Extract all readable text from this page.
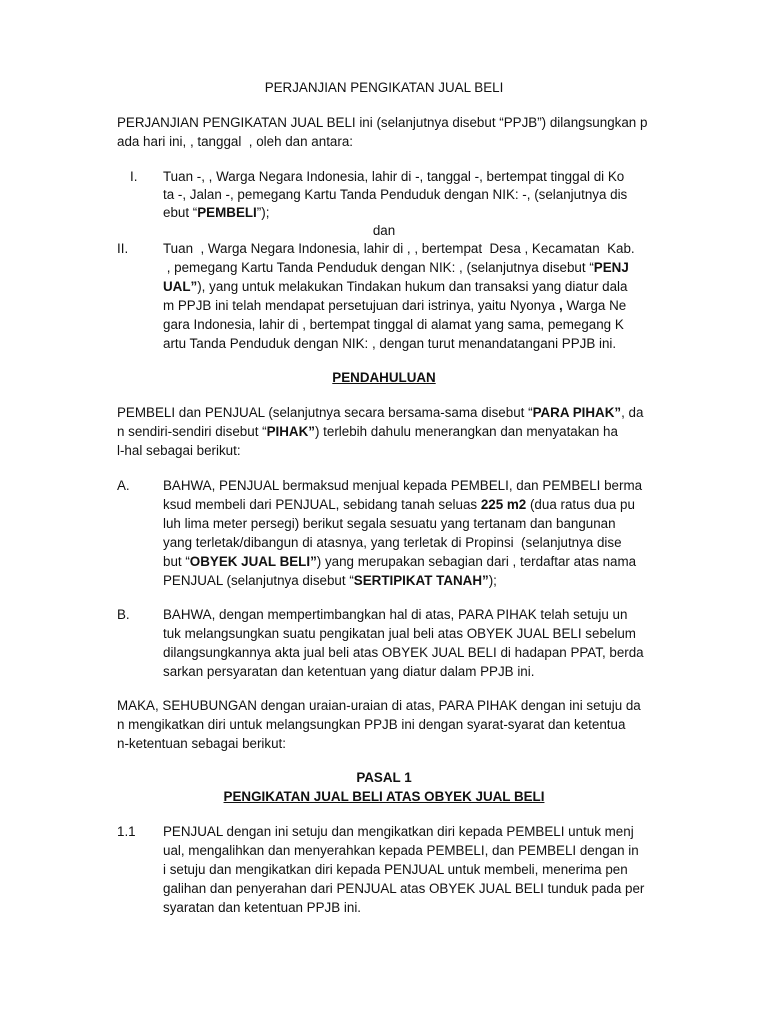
PERJANJIAN PENGIKATAN JUAL BELI
PERJANJIAN PENGIKATAN JUAL BELI ini (selanjutnya disebut “PPJB”) dilangsungkan p
ada hari ini, , tanggal  , oleh dan antara:
I. Tuan -, , Warga Negara Indonesia, lahir di -, tanggal -, bertempat tinggal di Ko
ta -, Jalan -, pemegang Kartu Tanda Penduduk dengan NIK: -, (selanjutnya dis
ebut “PEMBELI”);
dan
II.	Tuan  , Warga Negara Indonesia, lahir di , , bertempat  Desa , Kecamatan  Kab.
, pemegang Kartu Tanda Penduduk dengan NIK: , (selanjutnya disebut “PENJ
UAL”), yang untuk melakukan Tindakan hukum dan transaksi yang diatur dala
m PPJB ini telah mendapat persetujuan dari istrinya, yaitu Nyonya , Warga Ne
gara Indonesia, lahir di , bertempat tinggal di alamat yang sama, pemegang K
artu Tanda Penduduk dengan NIK: , dengan turut menandatangani PPJB ini.
PENDAHULUAN
PEMBELI dan PENJUAL (selanjutnya secara bersama-sama disebut “PARA PIHAK”, da
n sendiri-sendiri disebut “PIHAK”) terlebih dahulu menerangkan dan menyatakan ha
l-hal sebagai berikut:
A. BAHWA, PENJUAL bermaksud menjual kepada PEMBELI, dan PEMBELI berma
ksud membeli dari PENJUAL, sebidang tanah seluas 225 m2 (dua ratus dua pu
luh lima meter persegi) berikut segala sesuatu yang tertanam dan bangunan
yang terletak/dibangun di atasnya, yang terletak di Propinsi  (selanjutnya dise
but “OBYEK JUAL BELI”) yang merupakan sebagian dari , terdaftar atas nama
PENJUAL (selanjutnya disebut “SERTIPIKAT TANAH”);
B. BAHWA, dengan mempertimbangkan hal di atas, PARA PIHAK telah setuju un
tuk melangsungkan suatu pengikatan jual beli atas OBYEK JUAL BELI sebelum
dilangsungkannya akta jual beli atas OBYEK JUAL BELI di hadapan PPAT, berda
sarkan persyaratan dan ketentuan yang diatur dalam PPJB ini.
MAKA, SEHUBUNGAN dengan uraian-uraian di atas, PARA PIHAK dengan ini setuju da
n mengikatkan diri untuk melangsungkan PPJB ini dengan syarat-syarat dan ketentua
n-ketentuan sebagai berikut:
PASAL 1
PENGIKATAN JUAL BELI ATAS OBYEK JUAL BELI
1.1 PENJUAL dengan ini setuju dan mengikatkan diri kepada PEMBELI untuk menj
ual, mengalihkan dan menyerahkan kepada PEMBELI, dan PEMBELI dengan in
i setuju dan mengikatkan diri kepada PENJUAL untuk membeli, menerima pen
galihan dan penyerahan dari PENJUAL atas OBYEK JUAL BELI tunduk pada per
syaratan dan ketentuan PPJB ini.
